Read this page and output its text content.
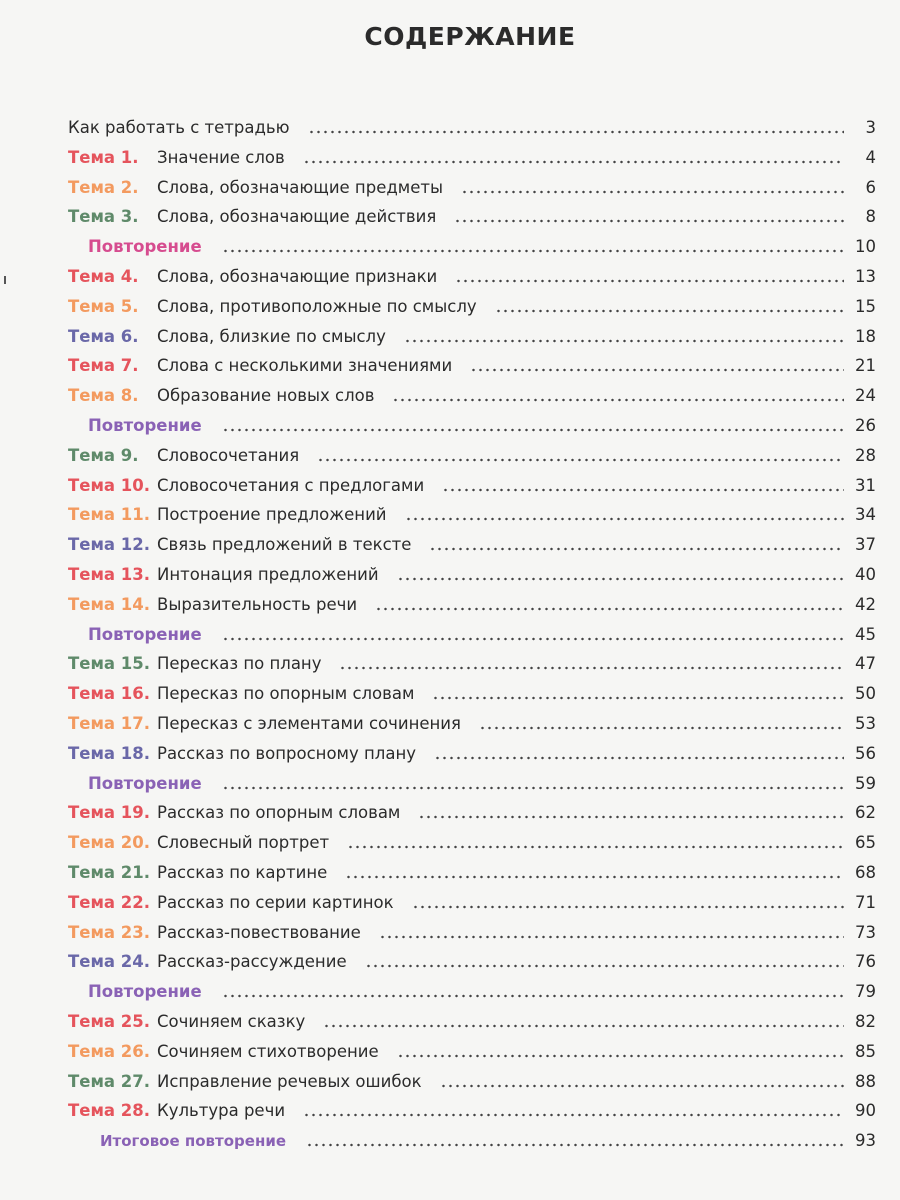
СОДЕРЖАНИЕ
Как работать с тетрадью	3
Тема 1.	Значение слов	4
Тема 2.	Слова, обозначающие предметы	6
Тема 3.	Слова, обозначающие действия	8
Повторение	10
Тема 4.	Слова, обозначающие признаки	13
Тема 5.	Слова, противоположные по смыслу	15
Тема 6.	Слова, близкие по смыслу	18
Тема 7.	Слова с несколькими значениями	21
Тема 8.	Образование новых слов	24
Повторение	26
Тема 9.	Словосочетания	28
Тема 10. Словосочетания с предлогами	31
Тема 11. Построение предложений	34
Тема 12. Связь предложений в тексте	37
Тема 13. Интонация предложений	40
Тема 14. Выразительность речи	42
Повторение	45
Тема 15. Пересказ по плану	47
Тема 16. Пересказ по опорным словам	50
Тема 17. Пересказ с элементами сочинения	53
Тема 18. Рассказ по вопросному плану	56
Повторение	59
Тема 19. Рассказ по опорным словам	62
Тема 20. Словесный портрет	65
Тема 21. Рассказ по картине	68
Тема 22. Рассказ по серии картинок	71
Тема 23. Рассказ-повествование	73
Тема 24. Рассказ-рассуждение	76
Повторение	79
Тема 25. Сочиняем сказку	82
Тема 26. Сочиняем стихотворение	85
Тема 27. Исправление речевых ошибок	88
Тема 28. Культура речи	90
Итоговое повторение	93
